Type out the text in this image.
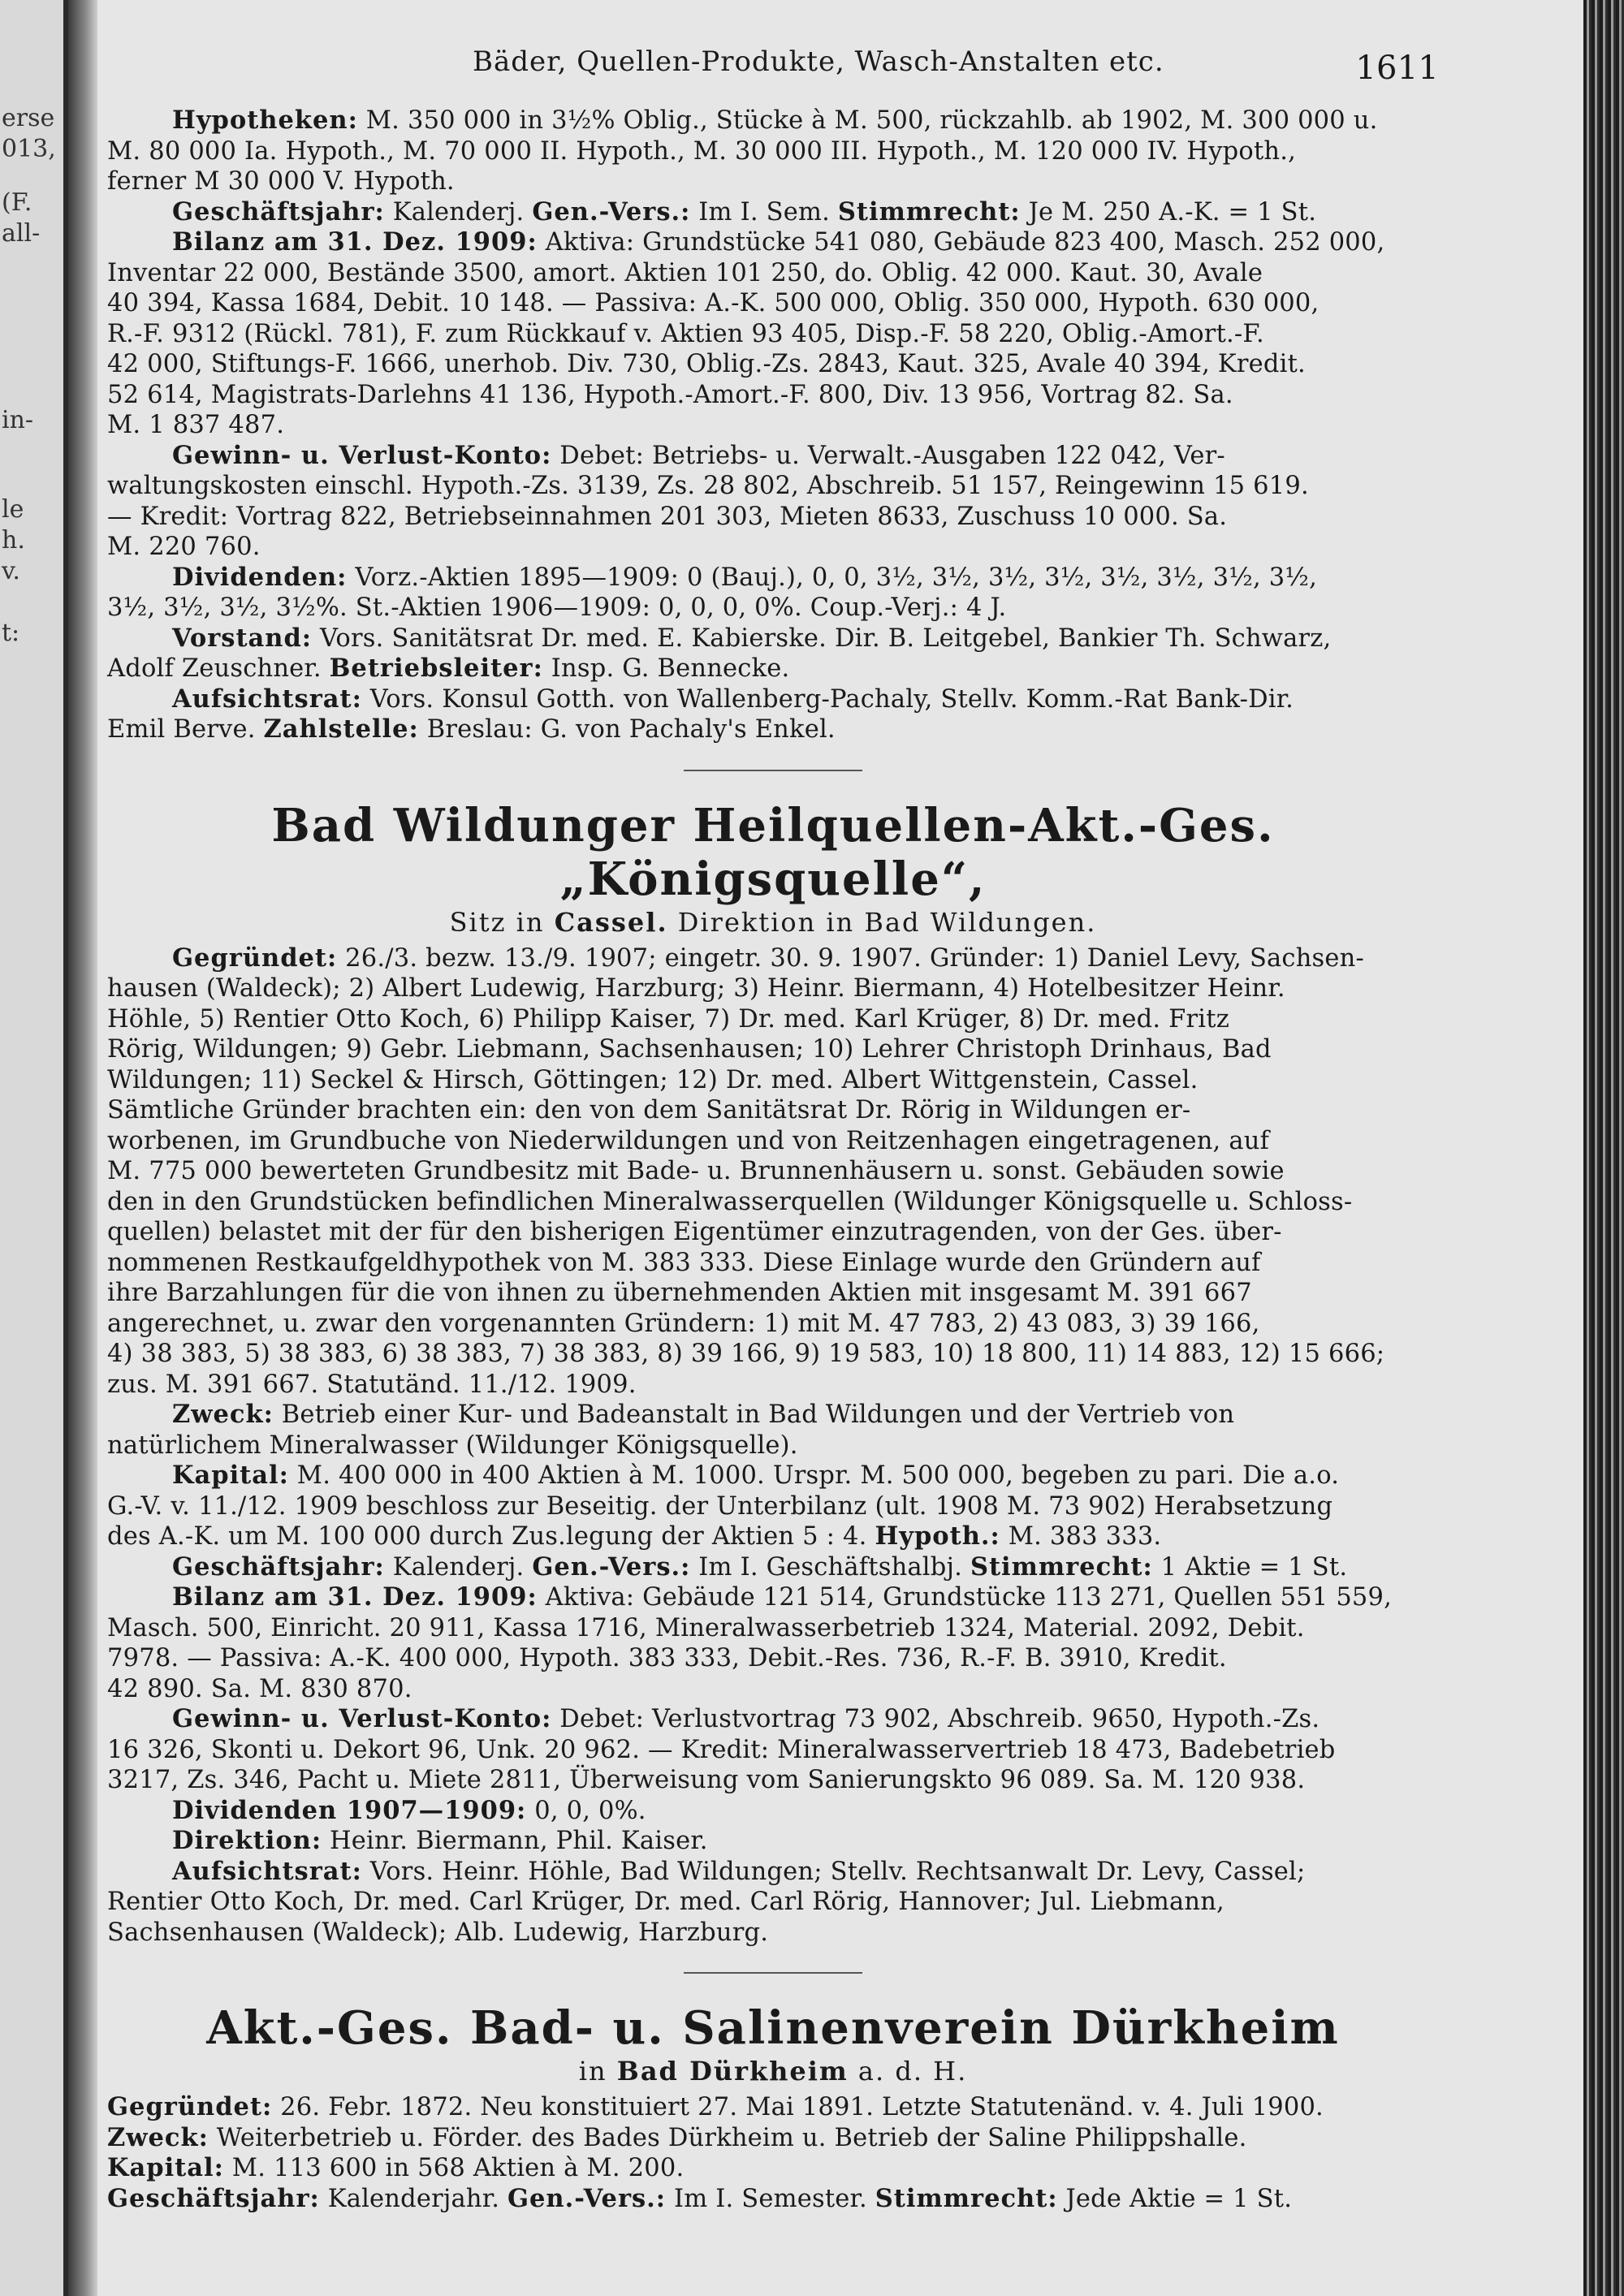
erse
013,
(F.
all-
in-
le
h.
v.
t:
Bäder, Quellen-Produkte, Wasch-Anstalten etc.	1611
Hypotheken: M. 350 000 in 3½% Oblig., Stücke à M. 500, rückzahlb. ab 1902, M. 300 000 u.
M. 80 000 Ia. Hypoth., M. 70 000 II. Hypoth., M. 30 000 III. Hypoth., M. 120 000 IV. Hypoth.,
ferner M 30 000 V. Hypoth.
Geschäftsjahr: Kalenderj. Gen.-Vers.: Im I. Sem. Stimmrecht: Je M. 250 A.-K. = 1 St.
Bilanz am 31. Dez. 1909: Aktiva: Grundstücke 541 080, Gebäude 823 400, Masch. 252 000,
Inventar 22 000, Bestände 3500, amort. Aktien 101 250, do. Oblig. 42 000. Kaut. 30, Avale
40 394, Kassa 1684, Debit. 10 148. — Passiva: A.-K. 500 000, Oblig. 350 000, Hypoth. 630 000,
R.-F. 9312 (Rückl. 781), F. zum Rückkauf v. Aktien 93 405, Disp.-F. 58 220, Oblig.-Amort.-F.
42 000, Stiftungs-F. 1666, unerhob. Div. 730, Oblig.-Zs. 2843, Kaut. 325, Avale 40 394, Kredit.
52 614, Magistrats-Darlehns 41 136, Hypoth.-Amort.-F. 800, Div. 13 956, Vortrag 82. Sa.
M. 1 837 487.
Gewinn- u. Verlust-Konto: Debet: Betriebs- u. Verwalt.-Ausgaben 122 042, Ver-
waltungskosten einschl. Hypoth.-Zs. 3139, Zs. 28 802, Abschreib. 51 157, Reingewinn 15 619.
— Kredit: Vortrag 822, Betriebseinnahmen 201 303, Mieten 8633, Zuschuss 10 000. Sa.
M. 220 760.
Dividenden: Vorz.-Aktien 1895—1909: 0 (Bauj.), 0, 0, 3½, 3½, 3½, 3½, 3½, 3½, 3½, 3½,
3½, 3½, 3½, 3½%. St.-Aktien 1906—1909: 0, 0, 0, 0%. Coup.-Verj.: 4 J.
Vorstand: Vors. Sanitätsrat Dr. med. E. Kabierske. Dir. B. Leitgebel, Bankier Th. Schwarz,
Adolf Zeuschner. Betriebsleiter: Insp. G. Bennecke.
Aufsichtsrat: Vors. Konsul Gotth. von Wallenberg-Pachaly, Stellv. Komm.-Rat Bank-Dir.
Emil Berve. Zahlstelle: Breslau: G. von Pachaly's Enkel.
Bad Wildunger Heilquellen-Akt.-Ges. „Königsquelle“,
Sitz in Cassel. Direktion in Bad Wildungen.
Gegründet: 26./3. bezw. 13./9. 1907; eingetr. 30. 9. 1907. Gründer: 1) Daniel Levy, Sachsen-
hausen (Waldeck); 2) Albert Ludewig, Harzburg; 3) Heinr. Biermann, 4) Hotelbesitzer Heinr.
Höhle, 5) Rentier Otto Koch, 6) Philipp Kaiser, 7) Dr. med. Karl Krüger, 8) Dr. med. Fritz
Rörig, Wildungen; 9) Gebr. Liebmann, Sachsenhausen; 10) Lehrer Christoph Drinhaus, Bad
Wildungen; 11) Seckel & Hirsch, Göttingen; 12) Dr. med. Albert Wittgenstein, Cassel.
Sämtliche Gründer brachten ein: den von dem Sanitätsrat Dr. Rörig in Wildungen er-
worbenen, im Grundbuche von Niederwildungen und von Reitzenhagen eingetragenen, auf
M. 775 000 bewerteten Grundbesitz mit Bade- u. Brunnenhäusern u. sonst. Gebäuden sowie
den in den Grundstücken befindlichen Mineralwasserquellen (Wildunger Königsquelle u. Schloss-
quellen) belastet mit der für den bisherigen Eigentümer einzutragenden, von der Ges. über-
nommenen Restkaufgeldhypothek von M. 383 333. Diese Einlage wurde den Gründern auf
ihre Barzahlungen für die von ihnen zu übernehmenden Aktien mit insgesamt M. 391 667
angerechnet, u. zwar den vorgenannten Gründern: 1) mit M. 47 783, 2) 43 083, 3) 39 166,
4) 38 383, 5) 38 383, 6) 38 383, 7) 38 383, 8) 39 166, 9) 19 583, 10) 18 800, 11) 14 883, 12) 15 666;
zus. M. 391 667. Statutänd. 11./12. 1909.
Zweck: Betrieb einer Kur- und Badeanstalt in Bad Wildungen und der Vertrieb von
natürlichem Mineralwasser (Wildunger Königsquelle).
Kapital: M. 400 000 in 400 Aktien à M. 1000. Urspr. M. 500 000, begeben zu pari. Die a.o.
G.-V. v. 11./12. 1909 beschloss zur Beseitig. der Unterbilanz (ult. 1908 M. 73 902) Herabsetzung
des A.-K. um M. 100 000 durch Zus.legung der Aktien 5 : 4. Hypoth.: M. 383 333.
Geschäftsjahr: Kalenderj. Gen.-Vers.: Im I. Geschäftshalbj. Stimmrecht: 1 Aktie = 1 St.
Bilanz am 31. Dez. 1909: Aktiva: Gebäude 121 514, Grundstücke 113 271, Quellen 551 559,
Masch. 500, Einricht. 20 911, Kassa 1716, Mineralwasserbetrieb 1324, Material. 2092, Debit.
7978. — Passiva: A.-K. 400 000, Hypoth. 383 333, Debit.-Res. 736, R.-F. B. 3910, Kredit.
42 890. Sa. M. 830 870.
Gewinn- u. Verlust-Konto: Debet: Verlustvortrag 73 902, Abschreib. 9650, Hypoth.-Zs.
16 326, Skonti u. Dekort 96, Unk. 20 962. — Kredit: Mineralwasservertrieb 18 473, Badebetrieb
3217, Zs. 346, Pacht u. Miete 2811, Überweisung vom Sanierungskto 96 089. Sa. M. 120 938.
Dividenden 1907—1909: 0, 0, 0%.
Direktion: Heinr. Biermann, Phil. Kaiser.
Aufsichtsrat: Vors. Heinr. Höhle, Bad Wildungen; Stellv. Rechtsanwalt Dr. Levy, Cassel;
Rentier Otto Koch, Dr. med. Carl Krüger, Dr. med. Carl Rörig, Hannover; Jul. Liebmann,
Sachsenhausen (Waldeck); Alb. Ludewig, Harzburg.
Akt.-Ges. Bad- u. Salinenverein Dürkheim
in Bad Dürkheim a. d. H.
Gegründet: 26. Febr. 1872. Neu konstituiert 27. Mai 1891. Letzte Statutenänd. v. 4. Juli 1900.
Zweck: Weiterbetrieb u. Förder. des Bades Dürkheim u. Betrieb der Saline Philippshalle.
Kapital: M. 113 600 in 568 Aktien à M. 200.
Geschäftsjahr: Kalenderjahr. Gen.-Vers.: Im I. Semester. Stimmrecht: Jede Aktie = 1 St.
